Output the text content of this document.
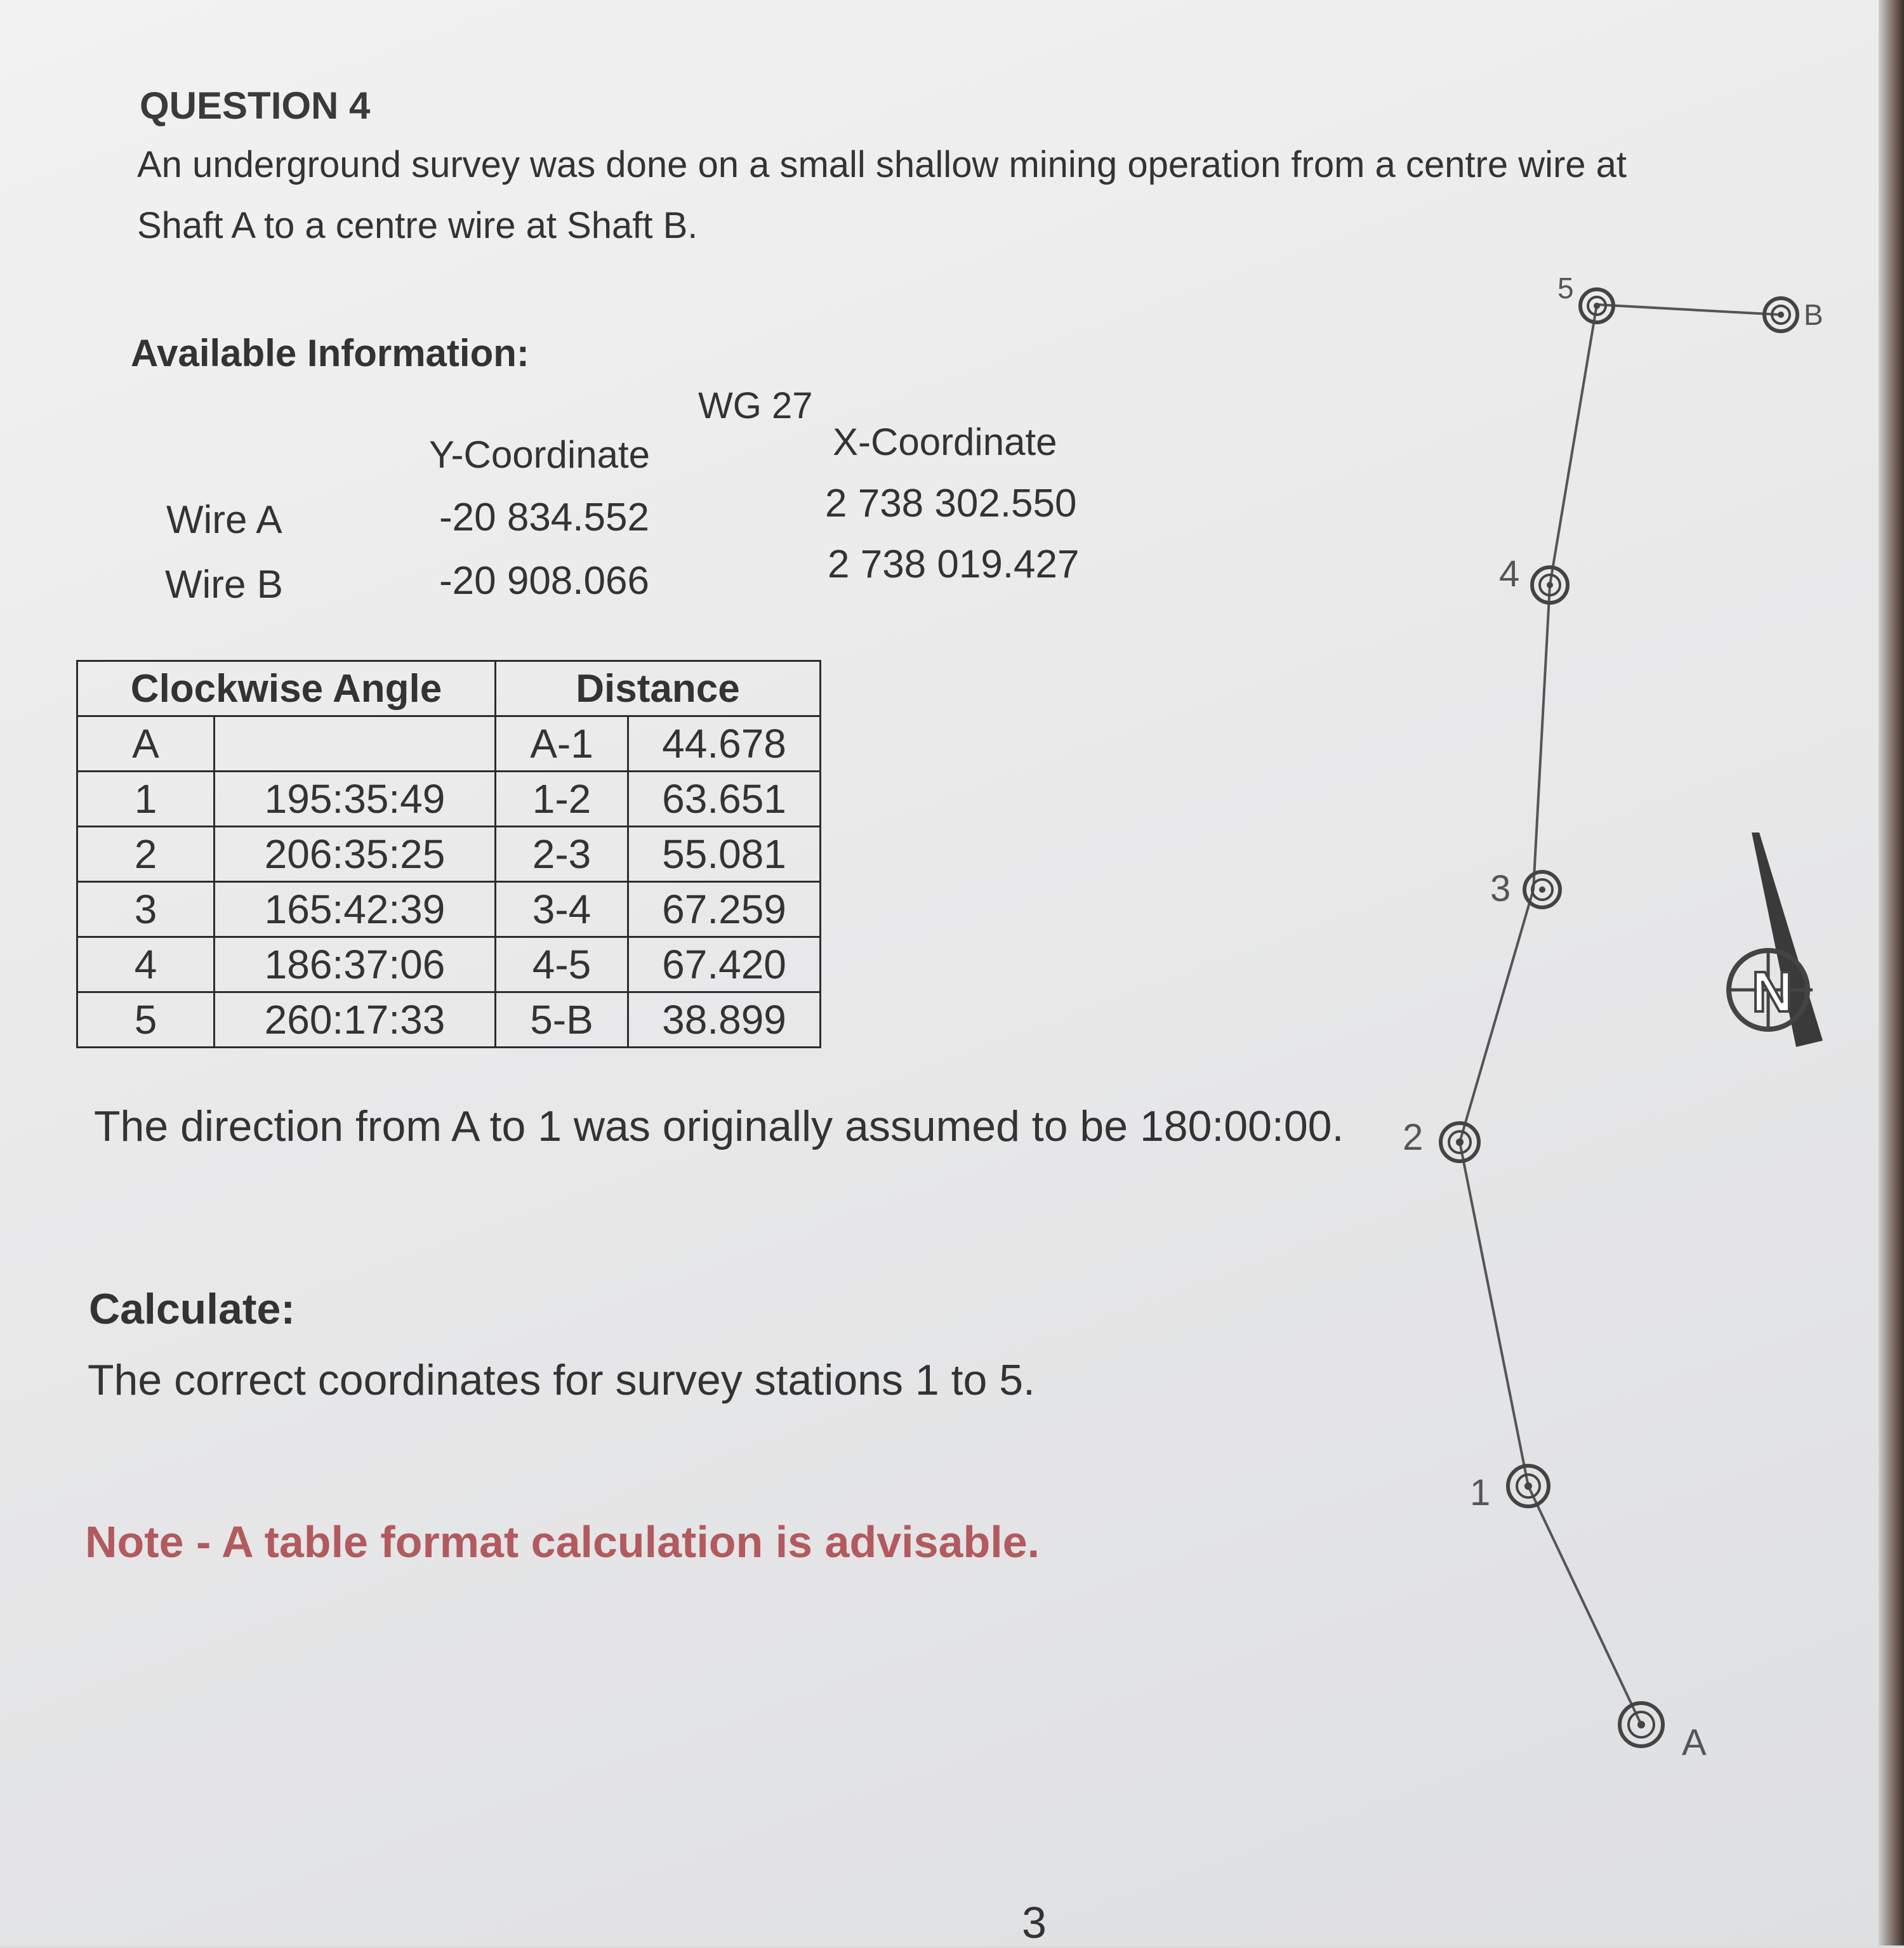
QUESTION 4
An underground survey was done on a small shallow mining operation from a centre wire at Shaft A to a centre wire at Shaft B.
Available Information:
WG 27
Y-Coordinate	X-Coordinate
Wire A	-20 834.552	2 738 302.550
Wire B	-20 908.066	2 738 019.427
Clockwise Angle		Distance	
A		A-1	44.678
1	195:35:49	1-2	63.651
2	206:35:25	2-3	55.081
3	165:42:39	3-4	67.259
4	186:37:06	4-5	67.420
5	260:17:33	5-B	38.899
The direction from A to 1 was originally assumed to be 180:00:00.
Calculate:
The correct coordinates for survey stations 1 to 5.
Note - A table format calculation is advisable.
3
A
1
2
3
4
5
B
N
